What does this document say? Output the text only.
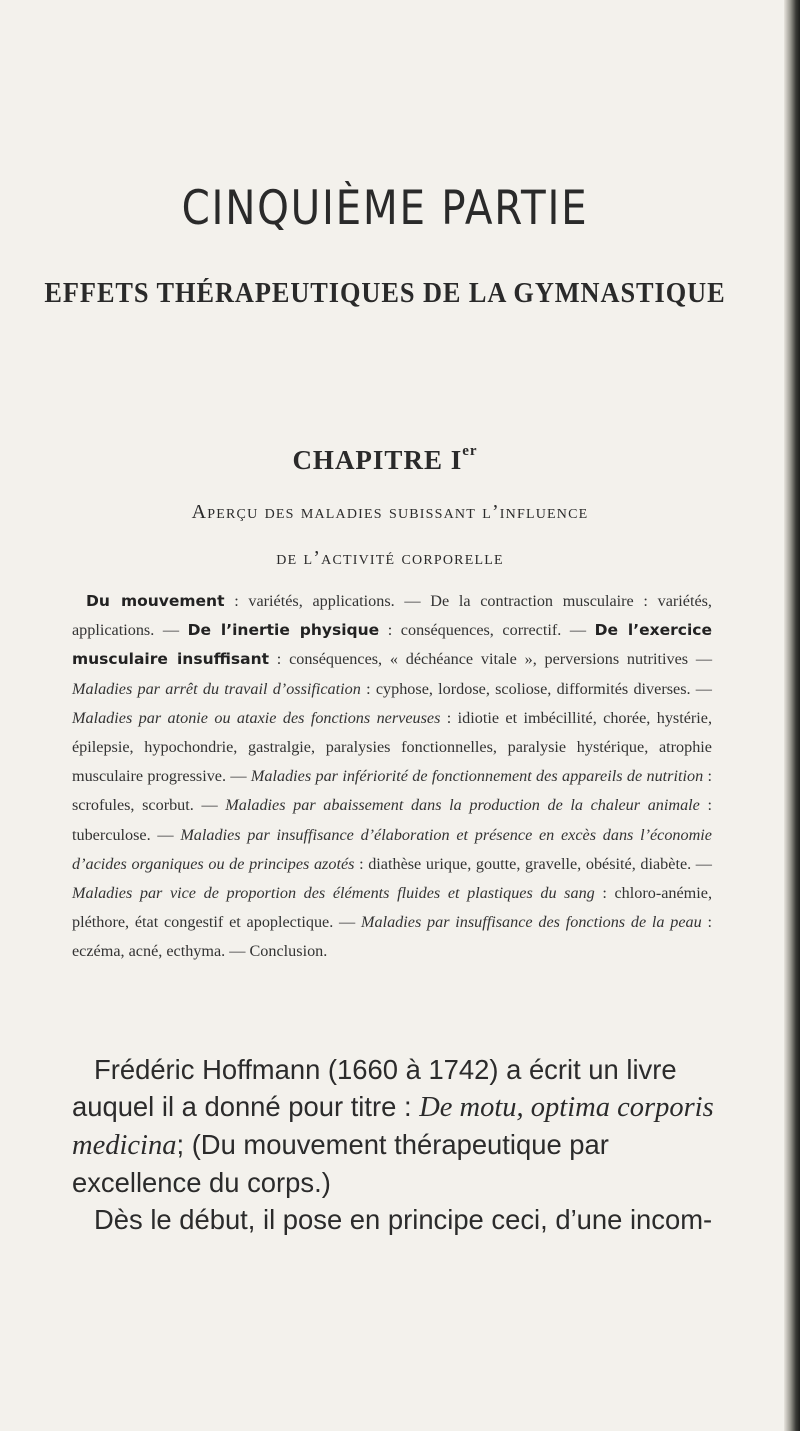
CINQUIÈME PARTIE
EFFETS THÉRAPEUTIQUES DE LA GYMNASTIQUE
CHAPITRE Ier
Aperçu des maladies subissant l’influence
de l’activité corporelle
Du mouvement : variétés, applications. — De la contraction musculaire : variétés, applications. — De l’inertie physique : conséquences, correctif. — De l’exercice musculaire insuffisant : conséquences, « déchéance vitale », perversions nutritives — Maladies par arrêt du travail d’ossification : cyphose, lordose, scoliose, difformités diverses. — Maladies par atonie ou ataxie des fonctions nerveuses : idiotie et imbécillité, chorée, hystérie, épilepsie, hypochondrie, gastralgie, paralysies fonctionnelles, paralysie hystérique, atrophie musculaire progressive. — Maladies par infériorité de fonctionnement des appareils de nutrition : scrofules, scorbut. — Maladies par abaissement dans la production de la chaleur animale : tuberculose. — Maladies par insuffisance d’élaboration et présence en excès dans l’économie d’acides organiques ou de principes azotés : diathèse urique, goutte, gravelle, obésité, diabète. — Maladies par vice de proportion des éléments fluides et plastiques du sang : chloro-anémie, pléthore, état congestif et apoplectique. — Maladies par insuffisance des fonctions de la peau : eczéma, acné, ecthyma. — Conclusion.

Frédéric Hoffmann (1660 à 1742) a écrit un livre auquel il a donné pour titre : De motu, optima corporis medicina; (Du mouvement thérapeutique par excellence du corps.)

Dès le début, il pose en principe ceci, d’une incom-
